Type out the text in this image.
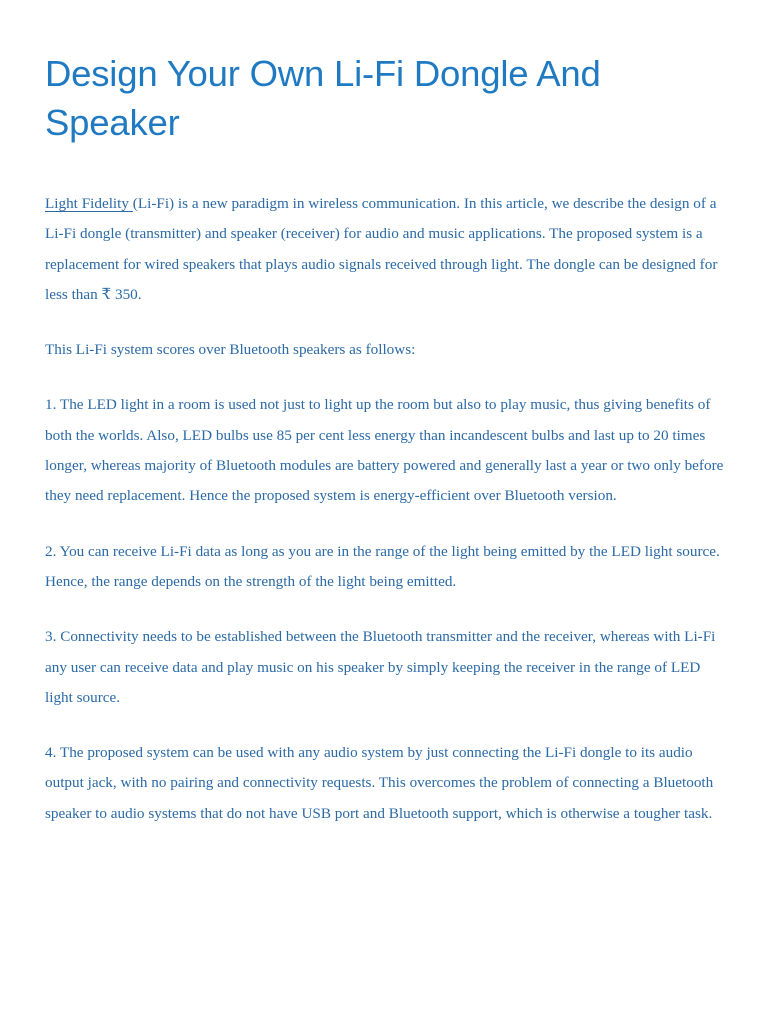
Design Your Own Li-Fi Dongle And Speaker

Light Fidelity (Li-Fi) is a new paradigm in wireless communication. In this article, we describe the design of a Li-Fi dongle (transmitter) and speaker (receiver) for audio and music applications. The proposed system is a replacement for wired speakers that plays audio signals received through light. The dongle can be designed for less than ₹ 350.

This Li-Fi system scores over Bluetooth speakers as follows:

1. The LED light in a room is used not just to light up the room but also to play music, thus giving benefits of both the worlds. Also, LED bulbs use 85 per cent less energy than incandescent bulbs and last up to 20 times longer, whereas majority of Bluetooth modules are battery powered and generally last a year or two only before they need replacement. Hence the proposed system is energy-efficient over Bluetooth version.

2. You can receive Li-Fi data as long as you are in the range of the light being emitted by the LED light source. Hence, the range depends on the strength of the light being emitted.

3. Connectivity needs to be established between the Bluetooth transmitter and the receiver, whereas with Li-Fi any user can receive data and play music on his speaker by simply keeping the receiver in the range of LED light source.

4. The proposed system can be used with any audio system by just connecting the Li-Fi dongle to its audio output jack, with no pairing and connectivity requests. This overcomes the problem of connecting a Bluetooth speaker to audio systems that do not have USB port and Bluetooth support, which is otherwise a tougher task.
